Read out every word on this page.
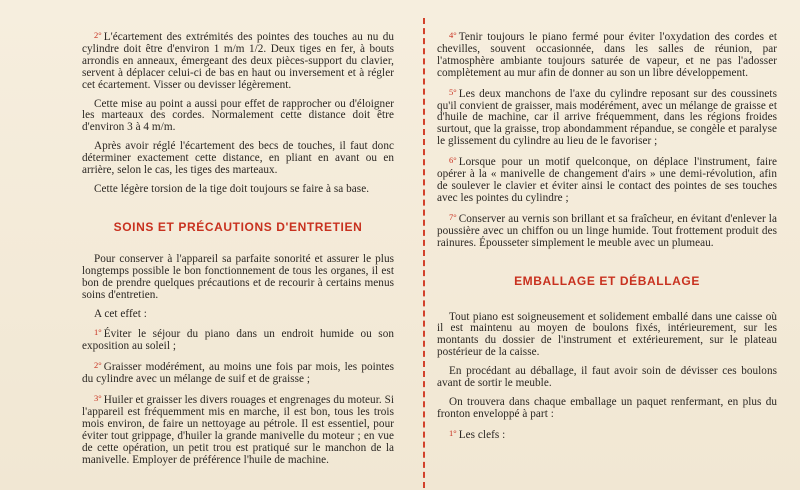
2° L'écartement des extrémités des pointes des touches au nu du cylindre doit être d'environ 1 m/m 1/2. Deux tiges en fer, à bouts arrondis en anneaux, émergeant des deux pièces-support du clavier, servent à déplacer celui-ci de bas en haut ou inversement et à régler cet écartement. Visser ou devisser légèrement.

Cette mise au point a aussi pour effet de rapprocher ou d'éloigner les marteaux des cordes. Normalement cette distance doit être d'environ 3 à 4 m/m.

Après avoir réglé l'écartement des becs de touches, il faut donc déterminer exactement cette distance, en pliant en avant ou en arrière, selon le cas, les tiges des marteaux.

Cette légère torsion de la tige doit toujours se faire à sa base.

SOINS ET PRÉCAUTIONS D'ENTRETIEN

Pour conserver à l'appareil sa parfaite sonorité et assurer le plus longtemps possible le bon fonctionnement de tous les organes, il est bon de prendre quelques précautions et de recourir à certains menus soins d'entretien.

A cet effet :

1° Éviter le séjour du piano dans un endroit humide ou son exposition au soleil ;

2° Graisser modérément, au moins une fois par mois, les pointes du cylindre avec un mélange de suif et de graisse ;

3° Huiler et graisser les divers rouages et engrenages du moteur. Si l'appareil est fréquemment mis en marche, il est bon, tous les trois mois environ, de faire un nettoyage au pétrole. Il est essentiel, pour éviter tout grippage, d'huiler la grande manivelle du moteur ; en vue de cette opération, un petit trou est pratiqué sur le manchon de la manivelle. Employer de préférence l'huile de machine.

4° Tenir toujours le piano fermé pour éviter l'oxydation des cordes et chevilles, souvent occasionnée, dans les salles de réunion, par l'atmosphère ambiante toujours saturée de vapeur, et ne pas l'adosser complètement au mur afin de donner au son un libre développement.

5° Les deux manchons de l'axe du cylindre reposant sur des coussinets qu'il convient de graisser, mais modérément, avec un mélange de graisse et d'huile de machine, car il arrive fréquemment, dans les régions froides surtout, que la graisse, trop abondamment répandue, se congèle et paralyse le glissement du cylindre au lieu de le favoriser ;

6° Lorsque pour un motif quelconque, on déplace l'instrument, faire opérer à la « manivelle de changement d'airs » une demi-révolution, afin de soulever le clavier et éviter ainsi le contact des pointes de ses touches avec les pointes du cylindre ;

7° Conserver au vernis son brillant et sa fraîcheur, en évitant d'enlever la poussière avec un chiffon ou un linge humide. Tout frottement produit des rainures. Épousseter simplement le meuble avec un plumeau.

EMBALLAGE ET DÉBALLAGE

Tout piano est soigneusement et solidement emballé dans une caisse où il est maintenu au moyen de boulons fixés, intérieurement, sur les montants du dossier de l'instrument et extérieurement, sur le plateau postérieur de la caisse.

En procédant au déballage, il faut avoir soin de dévisser ces boulons avant de sortir le meuble.

On trouvera dans chaque emballage un paquet renfermant, en plus du fronton enveloppé à part :

1° Les clefs :
